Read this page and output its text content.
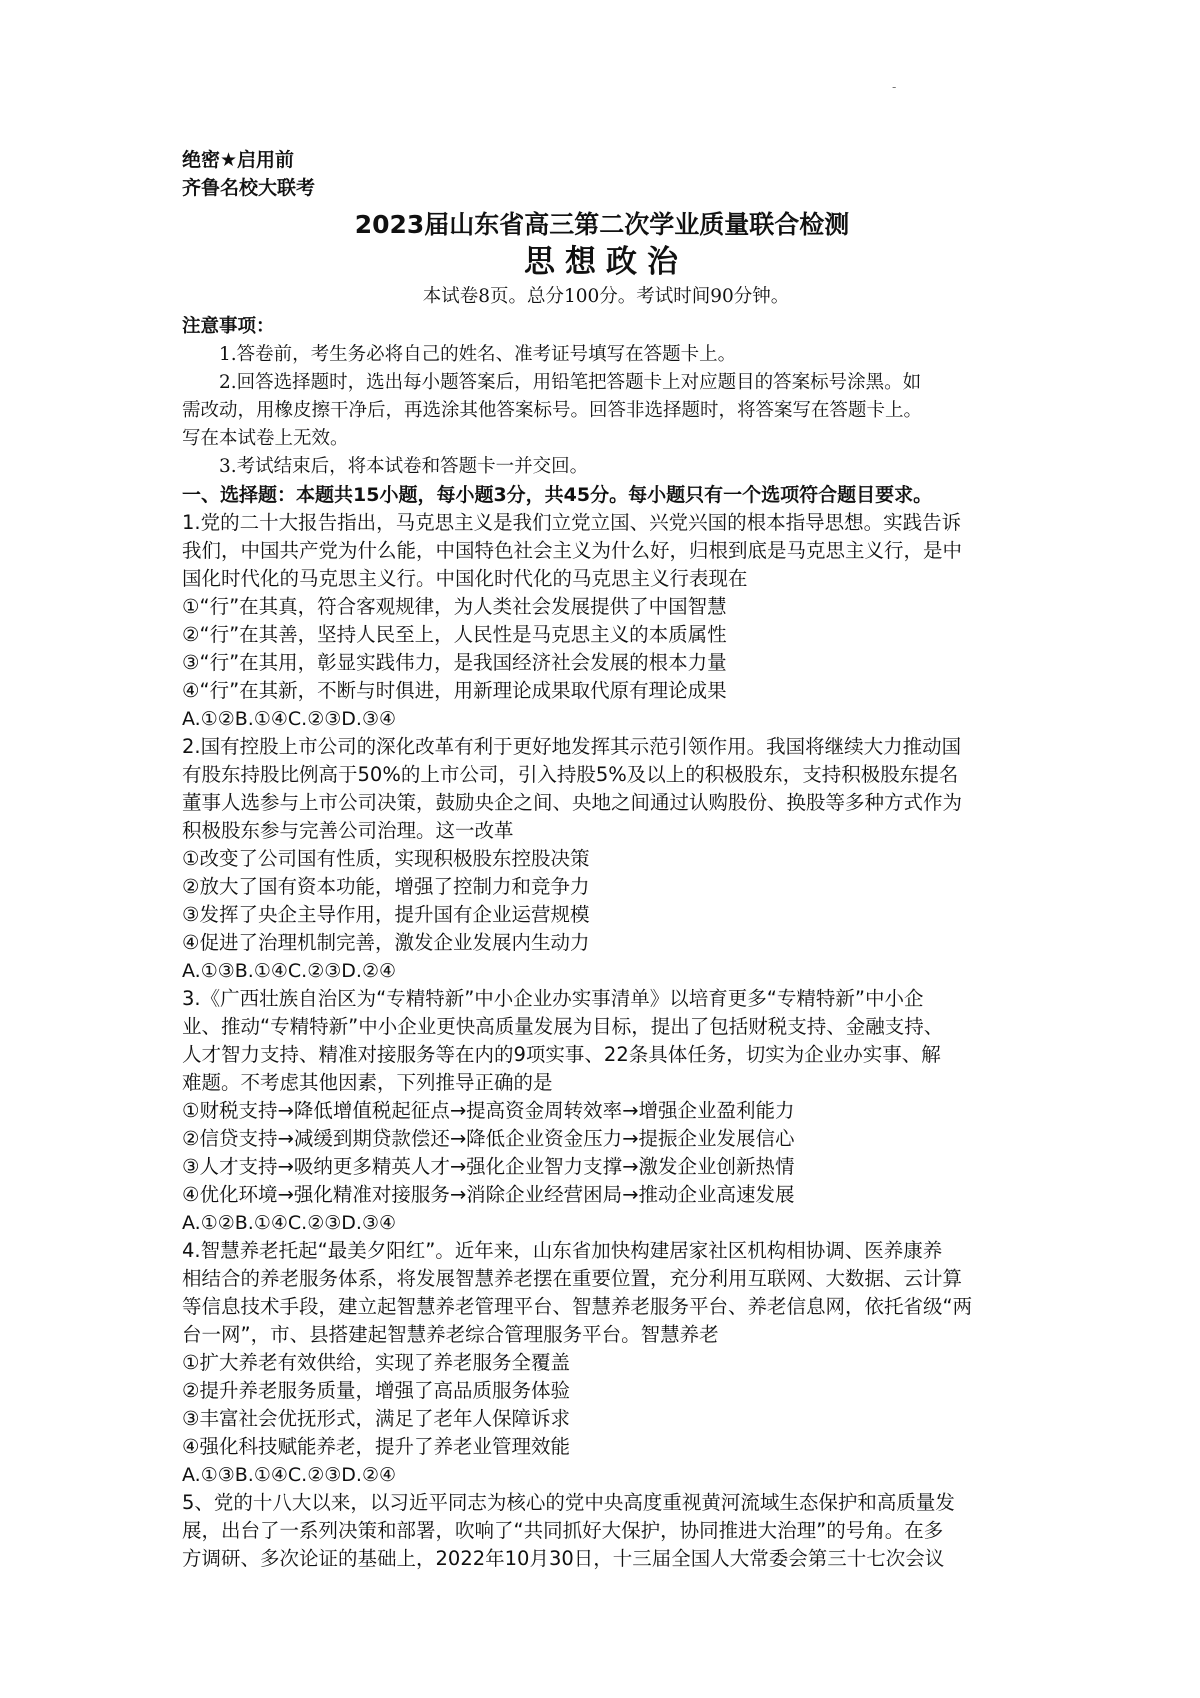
-
绝密★启用前
齐鲁名校大联考
2023届山东省高三第二次学业质量联合检测
思想政治
本试卷8页。总分100分。考试时间90分钟。
注意事项：
1.答卷前，考生务必将自己的姓名、准考证号填写在答题卡上。
2.回答选择题时，选出每小题答案后，用铅笔把答题卡上对应题目的答案标号涂黑。如
需改动，用橡皮擦干净后，再选涂其他答案标号。回答非选择题时，将答案写在答题卡上。
写在本试卷上无效。
3.考试结束后，将本试卷和答题卡一并交回。
一、选择题：本题共15小题，每小题3分，共45分。每小题只有一个选项符合题目要求。
1.党的二十大报告指出，马克思主义是我们立党立国、兴党兴国的根本指导思想。实践告诉
我们，中国共产党为什么能，中国特色社会主义为什么好，归根到底是马克思主义行，是中
国化时代化的马克思主义行。中国化时代化的马克思主义行表现在
①“行”在其真，符合客观规律，为人类社会发展提供了中国智慧
②“行”在其善，坚持人民至上，人民性是马克思主义的本质属性
③“行”在其用，彰显实践伟力，是我国经济社会发展的根本力量
④“行”在其新，不断与时俱进，用新理论成果取代原有理论成果
A.①②B.①④C.②③D.③④
2.国有控股上市公司的深化改革有利于更好地发挥其示范引领作用。我国将继续大力推动国
有股东持股比例高于50%的上市公司，引入持股5%及以上的积极股东，支持积极股东提名
董事人选参与上市公司决策，鼓励央企之间、央地之间通过认购股份、换股等多种方式作为
积极股东参与完善公司治理。这一改革
①改变了公司国有性质，实现积极股东控股决策
②放大了国有资本功能，增强了控制力和竞争力
③发挥了央企主导作用，提升国有企业运营规模
④促进了治理机制完善，激发企业发展内生动力
A.①③B.①④C.②③D.②④
3.《广西壮族自治区为“专精特新”中小企业办实事清单》以培育更多“专精特新”中小企
业、推动“专精特新”中小企业更快高质量发展为目标，提出了包括财税支持、金融支持、
人才智力支持、精准对接服务等在内的9项实事、22条具体任务，切实为企业办实事、解
难题。不考虑其他因素，下列推导正确的是
①财税支持→降低增值税起征点→提高资金周转效率→增强企业盈利能力
②信贷支持→减缓到期贷款偿还→降低企业资金压力→提振企业发展信心
③人才支持→吸纳更多精英人才→强化企业智力支撑→激发企业创新热情
④优化环境→强化精准对接服务→消除企业经营困局→推动企业高速发展
A.①②B.①④C.②③D.③④
4.智慧养老托起“最美夕阳红”。近年来，山东省加快构建居家社区机构相协调、医养康养
相结合的养老服务体系，将发展智慧养老摆在重要位置，充分利用互联网、大数据、云计算
等信息技术手段，建立起智慧养老管理平台、智慧养老服务平台、养老信息网，依托省级“两
台一网”，市、县搭建起智慧养老综合管理服务平台。智慧养老
①扩大养老有效供给，实现了养老服务全覆盖
②提升养老服务质量，增强了高品质服务体验
③丰富社会优抚形式，满足了老年人保障诉求
④强化科技赋能养老，提升了养老业管理效能
A.①③B.①④C.②③D.②④
5、党的十八大以来，以习近平同志为核心的党中央高度重视黄河流域生态保护和高质量发
展，出台了一系列决策和部署，吹响了“共同抓好大保护，协同推进大治理”的号角。在多
方调研、多次论证的基础上，2022年10月30日，十三届全国人大常委会第三十七次会议
